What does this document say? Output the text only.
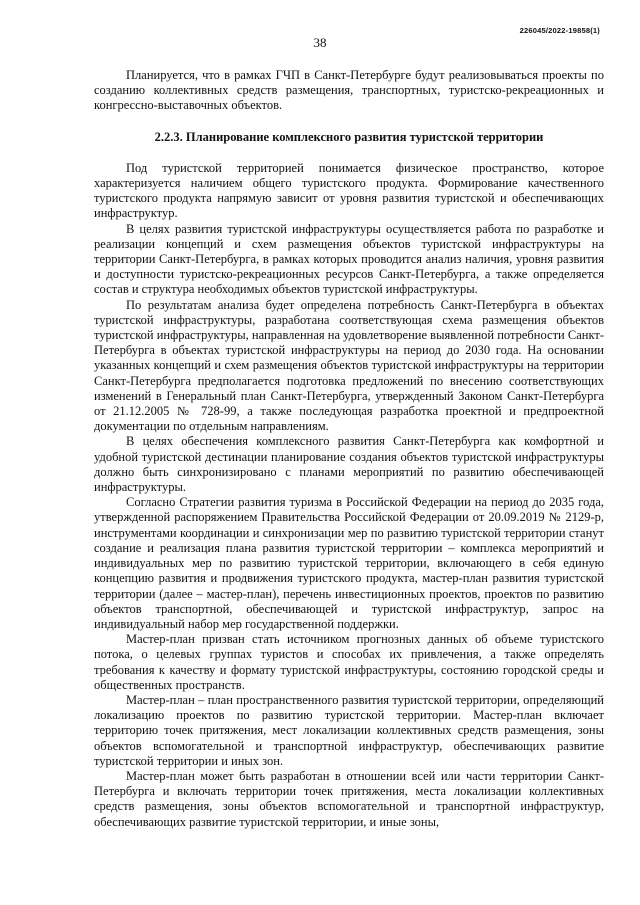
226045/2022-19858(1)
38

Планируется, что в рамках ГЧП в Санкт-Петербурге будут реализовываться проекты по созданию коллективных средств размещения, транспортных, туристско-рекреационных и конгрессно-выставочных объектов.

2.2.3. Планирование комплексного развития туристской территории

Под туристской территорией понимается физическое пространство, которое характеризуется наличием общего туристского продукта. Формирование качественного туристского продукта напрямую зависит от уровня развития туристской и обеспечивающих инфраструктур.

В целях развития туристской инфраструктуры осуществляется работа по разработке и реализации концепций и схем размещения объектов туристской инфраструктуры на территории Санкт-Петербурга, в рамках которых проводится анализ наличия, уровня развития и доступности туристско-рекреационных ресурсов Санкт-Петербурга, а также определяется состав и структура необходимых объектов туристской инфраструктуры.

По результатам анализа будет определена потребность Санкт-Петербурга в объектах туристской инфраструктуры, разработана соответствующая схема размещения объектов туристской инфраструктуры, направленная на удовлетворение выявленной потребности Санкт-Петербурга в объектах туристской инфраструктуры на период до 2030 года. На основании указанных концепций и схем размещения объектов туристской инфраструктуры на территории Санкт-Петербурга предполагается подготовка предложений по внесению соответствующих изменений в Генеральный план Санкт-Петербурга, утвержденный Законом Санкт-Петербурга от 21.12.2005 № 728-99, а также последующая разработка проектной и предпроектной документации по отдельным направлениям.

В целях обеспечения комплексного развития Санкт-Петербурга как комфортной и удобной туристской дестинации планирование создания объектов туристской инфраструктуры должно быть синхронизировано с планами мероприятий по развитию обеспечивающей инфраструктуры.

Согласно Стратегии развития туризма в Российской Федерации на период до 2035 года, утвержденной распоряжением Правительства Российской Федерации от 20.09.2019 № 2129-р, инструментами координации и синхронизации мер по развитию туристской территории станут создание и реализация плана развития туристской территории – комплекса мероприятий и индивидуальных мер по развитию туристской территории, включающего в себя единую концепцию развития и продвижения туристского продукта, мастер-план развития туристской территории (далее – мастер-план), перечень инвестиционных проектов, проектов по развитию объектов транспортной, обеспечивающей и туристской инфраструктур, запрос на индивидуальный набор мер государственной поддержки.

Мастер-план призван стать источником прогнозных данных об объеме туристского потока, о целевых группах туристов и способах их привлечения, а также определять требования к качеству и формату туристской инфраструктуры, состоянию городской среды и общественных пространств.

Мастер-план – план пространственного развития туристской территории, определяющий локализацию проектов по развитию туристской территории. Мастер-план включает территорию точек притяжения, мест локализации коллективных средств размещения, зоны объектов вспомогательной и транспортной инфраструктур, обеспечивающих развитие туристской территории и иных зон.

Мастер-план может быть разработан в отношении всей или части территории Санкт-Петербурга и включать территории точек притяжения, места локализации коллективных средств размещения, зоны объектов вспомогательной и транспортной инфраструктур, обеспечивающих развитие туристской территории, и иные зоны,
